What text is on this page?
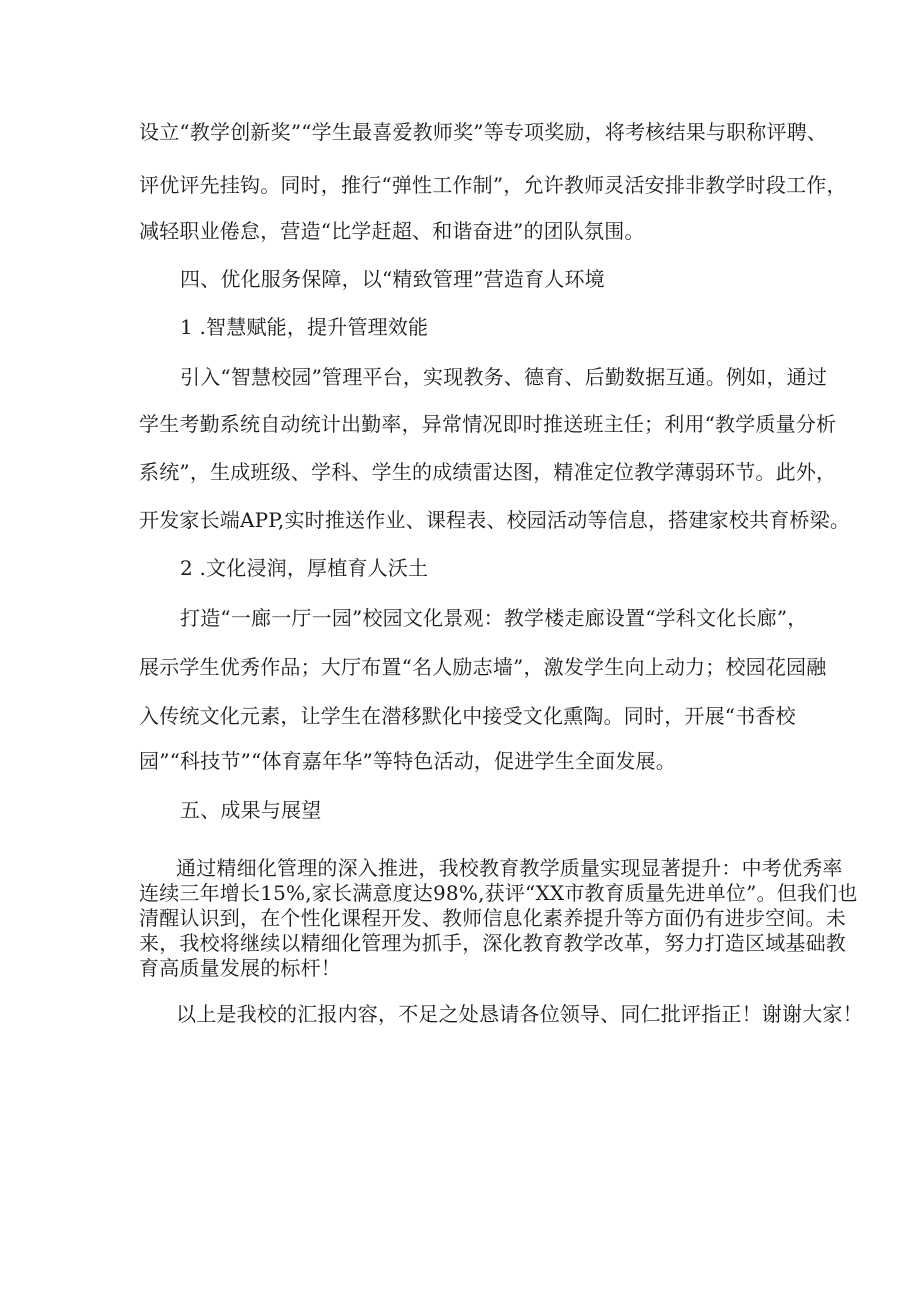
设立“教学创新奖”“学生最喜爱教师奖”等专项奖励，将考核结果与职称评聘、
评优评先挂钩。同时，推行“弹性工作制”，允许教师灵活安排非教学时段工作，
减轻职业倦怠，营造“比学赶超、和谐奋进”的团队氛围。
四、优化服务保障，以“精致管理”营造育人环境
1 .智慧赋能，提升管理效能
引入“智慧校园”管理平台，实现教务、德育、后勤数据互通。例如，通过
学生考勤系统自动统计出勤率，异常情况即时推送班主任；利用“教学质量分析
系统”，生成班级、学科、学生的成绩雷达图，精准定位教学薄弱环节。此外，
开发家长端APP,实时推送作业、课程表、校园活动等信息，搭建家校共育桥梁。
2 .文化浸润，厚植育人沃土
打造“一廊一厅一园”校园文化景观：教学楼走廊设置“学科文化长廊”，
展示学生优秀作品；大厅布置“名人励志墙”，激发学生向上动力；校园花园融
入传统文化元素，让学生在潜移默化中接受文化熏陶。同时，开展“书香校
园”“科技节”“体育嘉年华”等特色活动，促进学生全面发展。
五、成果与展望
通过精细化管理的深入推进，我校教育教学质量实现显著提升：中考优秀率
连续三年增长15%,家长满意度达98%,获评“XX市教育质量先进单位”。但我们也
清醒认识到，在个性化课程开发、教师信息化素养提升等方面仍有进步空间。未
来，我校将继续以精细化管理为抓手，深化教育教学改革，努力打造区域基础教
育高质量发展的标杆！
以上是我校的汇报内容，不足之处恳请各位领导、同仁批评指正！谢谢大家！
